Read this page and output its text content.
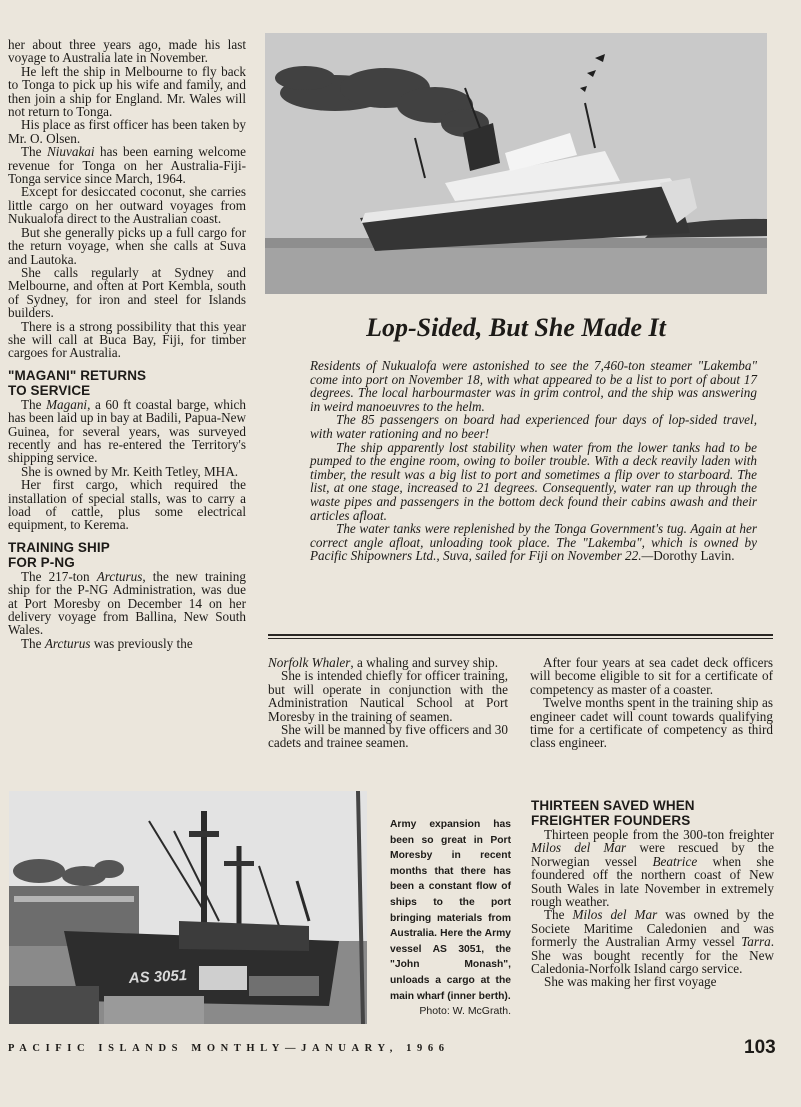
her about three years ago, made his last voyage to Australia late in November.

He left the ship in Melbourne to fly back to Tonga to pick up his wife and family, and then join a ship for England. Mr. Wales will not return to Tonga.

His place as first officer has been taken by Mr. O. Olsen.

The Niuvakai has been earning welcome revenue for Tonga on her Australia-Fiji-Tonga service since March, 1964.

Except for desiccated coconut, she carries little cargo on her outward voyages from Nukualofa direct to the Australian coast.

But she generally picks up a full cargo for the return voyage, when she calls at Suva and Lautoka.

She calls regularly at Sydney and Melbourne, and often at Port Kembla, south of Sydney, for iron and steel for Islands builders.

There is a strong possibility that this year she will call at Buca Bay, Fiji, for timber cargoes for Australia.

"MAGANI" RETURNS
TO SERVICE

The Magani, a 60 ft coastal barge, which has been laid up in bay at Badili, Papua-New Guinea, for several years, was surveyed recently and has re-entered the Territory's shipping service.

She is owned by Mr. Keith Tetley, MHA.

Her first cargo, which required the installation of special stalls, was to carry a load of cattle, plus some electrical equipment, to Kerema.

TRAINING SHIP
FOR P-NG

The 217-ton Arcturus, the new training ship for the P-NG Administration, was due at Port Moresby on December 14 on her delivery voyage from Ballina, New South Wales.

The Arcturus was previously the

Lop-Sided, But She Made It

Residents of Nukualofa were astonished to see the 7,460-ton steamer "Lakemba" come into port on November 18, with what appeared to be a list to port of about 17 degrees. The local harbourmaster was in grim control, and the ship was answering in weird manoeuvres to the helm.

The 85 passengers on board had experienced four days of lop-sided travel, with water rationing and no beer!

The ship apparently lost stability when water from the lower tanks had to be pumped to the engine room, owing to boiler trouble. With a deck reavily laden with timber, the result was a big list to port and sometimes a flip over to starboard. The list, at one stage, increased to 21 degrees. Consequently, water ran up through the waste pipes and passengers in the bottom deck found their cabins awash and their articles afloat.

The water tanks were replenished by the Tonga Government's tug. Again at her correct angle afloat, unloading took place. The "Lakemba", which is owned by Pacific Shipowners Ltd., Suva, sailed for Fiji on November 22.—Dorothy Lavin.

Norfolk Whaler, a whaling and survey ship.

She is intended chiefly for officer training, but will operate in conjunction with the Administration Nautical School at Port Moresby in the training of seamen.

She will be manned by five officers and 30 cadets and trainee seamen.

After four years at sea cadet deck officers will become eligible to sit for a certificate of competency as master of a coaster.

Twelve months spent in the training ship as engineer cadet will count towards qualifying time for a certificate of competency as third class engineer.

AS 3051

Army expansion has been so great in Port Moresby in recent months that there has been a constant flow of ships to the port bringing materials from Australia. Here the Army vessel AS 3051, the "John Monash", unloads a cargo at the main wharf (inner berth).

Photo: W. McGrath.

THIRTEEN SAVED WHEN
FREIGHTER FOUNDERS

Thirteen people from the 300-ton freighter Milos del Mar were rescued by the Norwegian vessel Beatrice when she foundered off the northern coast of New South Wales in late November in extremely rough weather.

The Milos del Mar was owned by the Societe Maritime Caledonien and was formerly the Australian Army vessel Tarra. She was bought recently for the New Caledonia-Norfolk Island cargo service.

She was making her first voyage

PACIFIC ISLANDS MONTHLY—JANUARY, 1966	103
